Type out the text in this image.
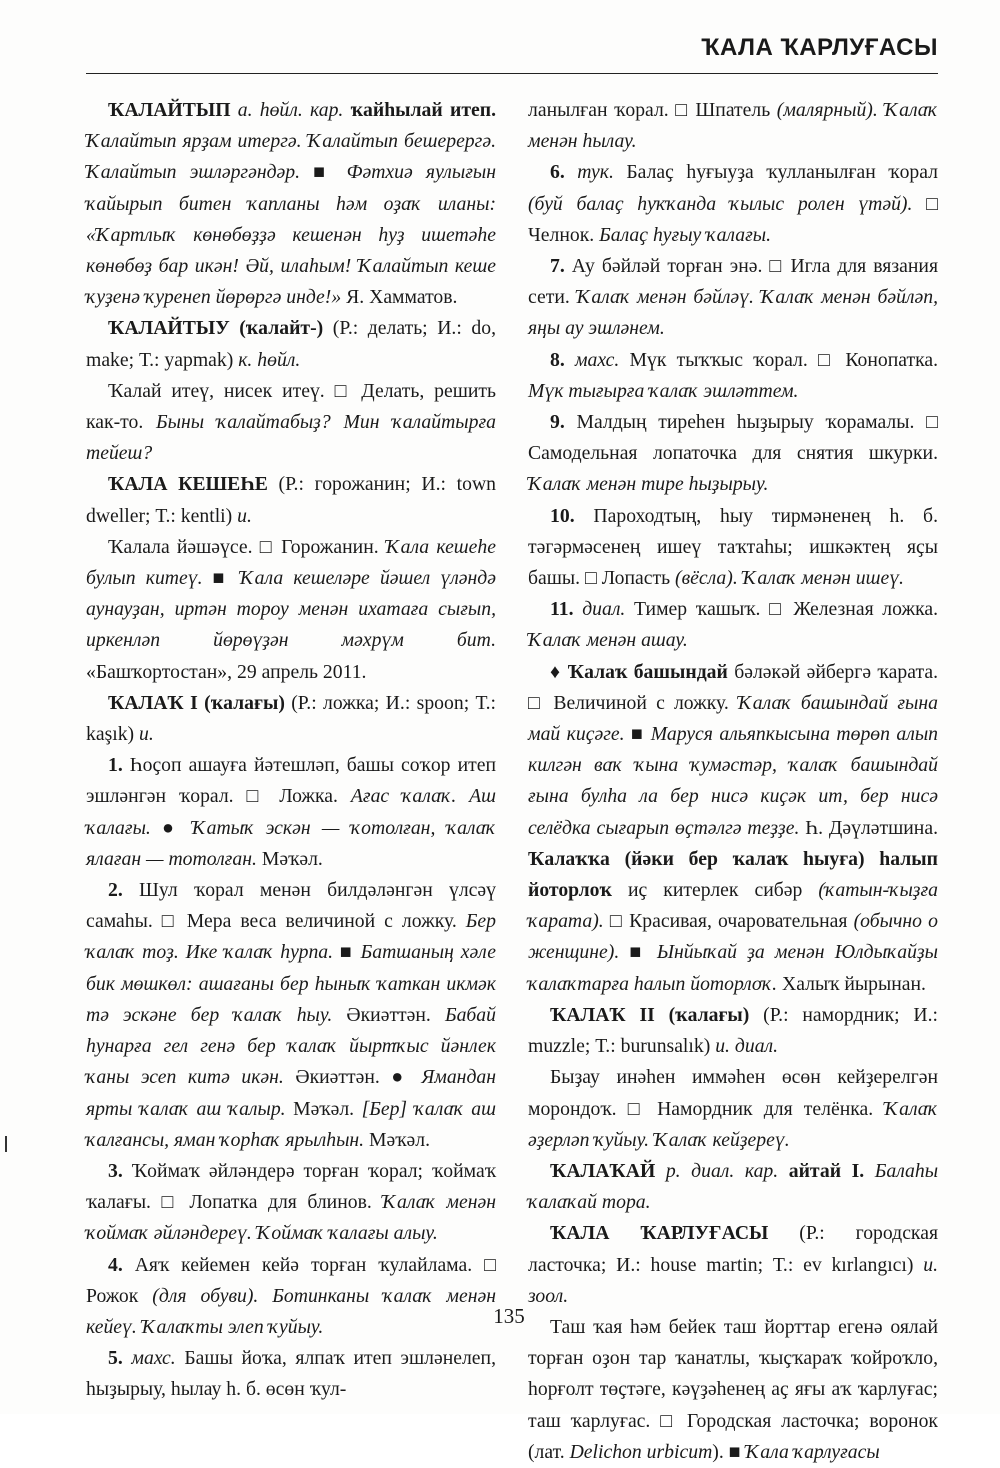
ҠАЛА ҠАРЛУҒАСЫ

ҠАЛАЙТЫП а. һөйл. кар. ҡайһылай итеп. Ҡалайтып ярҙам итергә. Ҡалайтып бешерергә. Ҡалайтып эшләргәндәр. ■ Фәтхиә яулығын ҡайырып битен ҡапланы һәм оҙаҡ иланы: «Ҡартлыҡ көнөбөҙҙә кешенән һуҙ ишетәһе көнөбөҙ бар икән! Әй, илаһым! Ҡалайтып кеше ҡуҙенә ҡуренеп йөрөргә инде!» Я. Хамматов.

ҠАЛАЙТЫУ (ҡалайт-) (Р.: делать; И.: do, make; Т.: yapmak) к. һөйл.

Ҡалай итеү, нисек итеү. □ Делать, решить как-то. Быны ҡалайтабыҙ? Мин ҡалайтырға тейеш?

ҠАЛА КЕШЕҺЕ (Р.: горожанин; И.: town dweller; Т.: kentli) и.

Ҡалала йәшәүсе. □ Горожанин. Ҡала кешеһе булып китеү. ■ Ҡала кешеләре йәшел үләндә аунауҙан, иртән тороу менән ихатаға сығып, иркенләп йөрөүҙән мәхрүм бит. «Башҡортостан», 29 апрель 2011.

ҠАЛАҠ I (ҡалағы) (Р.: ложка; И.: spoon; Т.: kaşık) и.

1. Һоҫоп ашауға йәтешләп, башы соҡор итеп эшләнгән ҡорал. □ Ложка. Ағас ҡалаҡ. Аш ҡалағы. ● Ҡатыҡ эскән — ҡотолған, ҡалаҡ ялаған — тотолған. Мәҡәл.

2. Шул ҡорал менән билдәләнгән үлсәү самаһы. □ Мера веса величиной с ложку. Бер ҡалаҡ тоҙ. Ике ҡалаҡ һурпа. ■ Батшаның хәле бик мөшкөл: ашағаны бер һыныҡ ҡаткан икмәк тә эскәне бер ҡалаҡ һыу. Әкиәттән. Бабай һунарға гел генә бер ҡалаҡ йыртҡыс йәнлек ҡаны эсеп китә икән. Әкиәттән. ● Ямандан ярты ҡалаҡ аш ҡалыр. Мәҡәл. [Бер] ҡалаҡ аш ҡалғансы, яман ҡорһаҡ ярылһын. Мәҡәл.

3. Ҡоймаҡ әйләндерә торған ҡорал; ҡоймаҡ ҡалағы. □ Лопатка для блинов. Ҡалаҡ менән ҡоймаҡ әйләндереү. Ҡоймаҡ ҡалағы алыу.

4. Аяҡ кейемен кейә торған ҡулайлама. □ Рожок (для обуви). Ботинканы ҡалаҡ менән кейеү. Ҡалаҡты элеп ҡуйыу.

5. махс. Башы йоҡа, ялпаҡ итеп эшләнелеп, һыҙырыу, һылау һ. б. өсөн ҡул-

ланылған ҡорал. □ Шпатель (малярный). Ҡалаҡ менән һылау.

6. тук. Балаҫ һуғыуҙа ҡулланылған ҡорал (буй балаҫ һуҡҡанда ҡылыс ролен үтәй). □ Челнок. Балаҫ һуғыу ҡалағы.

7. Ау бәйләй торған энә. □ Игла для вязания сети. Ҡалаҡ менән бәйләү. Ҡалаҡ менән бәйләп, яңы ау эшләнем.

8. махс. Мүк тыҡҡыс ҡорал. □ Конопатка. Мүк тығырға ҡалаҡ эшләттем.

9. Малдың тиреһен һыҙырыу ҡорамалы. □ Самодельная лопаточка для снятия шкурки. Ҡалаҡ менән тире һыҙырыу.

10. Пароходтың, һыу тирмәненең һ. б. тәгәрмәсенең ишеү таҡтаһы; ишкәктең яҫы башы. □ Лопасть (вёсла). Ҡалаҡ менән ишеү.

11. диал. Тимер ҡашыҡ. □ Железная ложка. Ҡалаҡ менән ашау.

♦ Ҡалаҡ башындай бәләкәй әйбергә ҡарата. □ Величиной с ложку. Ҡалаҡ башындай ғына май киҫәге. ■ Маруся альяпкысына төрөп алып килгән ваҡ ҡына ҡумәстәр, ҡалаҡ башындай ғына булһа ла бер нисә киҫәк ит, бер нисә селёдка сығарып өҫтәлгә теҙҙе. Һ. Дәүләтшина. Ҡалаҡҡа (йәки бер ҡалаҡ һыуға) һалып йоторлоҡ иҫ китерлек сибәр (ҡатын-ҡыҙға ҡарата). □ Красивая, очаровательная (обычно о женщине). ■ Ынйыҡай ҙа менән Юлдыҡайҙы ҡалаҡтарға һалып йоторлоҡ. Халыҡ йырынан.

ҠАЛАҠ II (ҡалағы) (Р.: намордник; И.: muzzle; Т.: burunsalık) и. диал.

Быҙау инәһен иммәһен өсөн кейҙерелгән морондоҡ. □ Намордник для телёнка. Ҡалаҡ әҙерләп ҡуйыу. Ҡалаҡ кейҙереү.

ҠАЛАҠАЙ р. диал. кар. айтай I. Балаһы ҡалаҡай тора.

ҠАЛА ҠАРЛУҒАСЫ (Р.: городская ласточка; И.: house martin; Т.: ev kırlangıcı) и. зоол.

Таш ҡая һәм бейек таш йорттар егенә оялай торған оҙон тар ҡанатлы, ҡыҫҡараҡ ҡойроҡло, һорғолт төҫтәге, кәүҙәһенең аҫ яғы аҡ ҡарлуғас; таш ҡарлуғас. □ Городская ласточка; воронок (лат. Delichon urbicum). ■ Ҡала ҡарлуғасы

135
